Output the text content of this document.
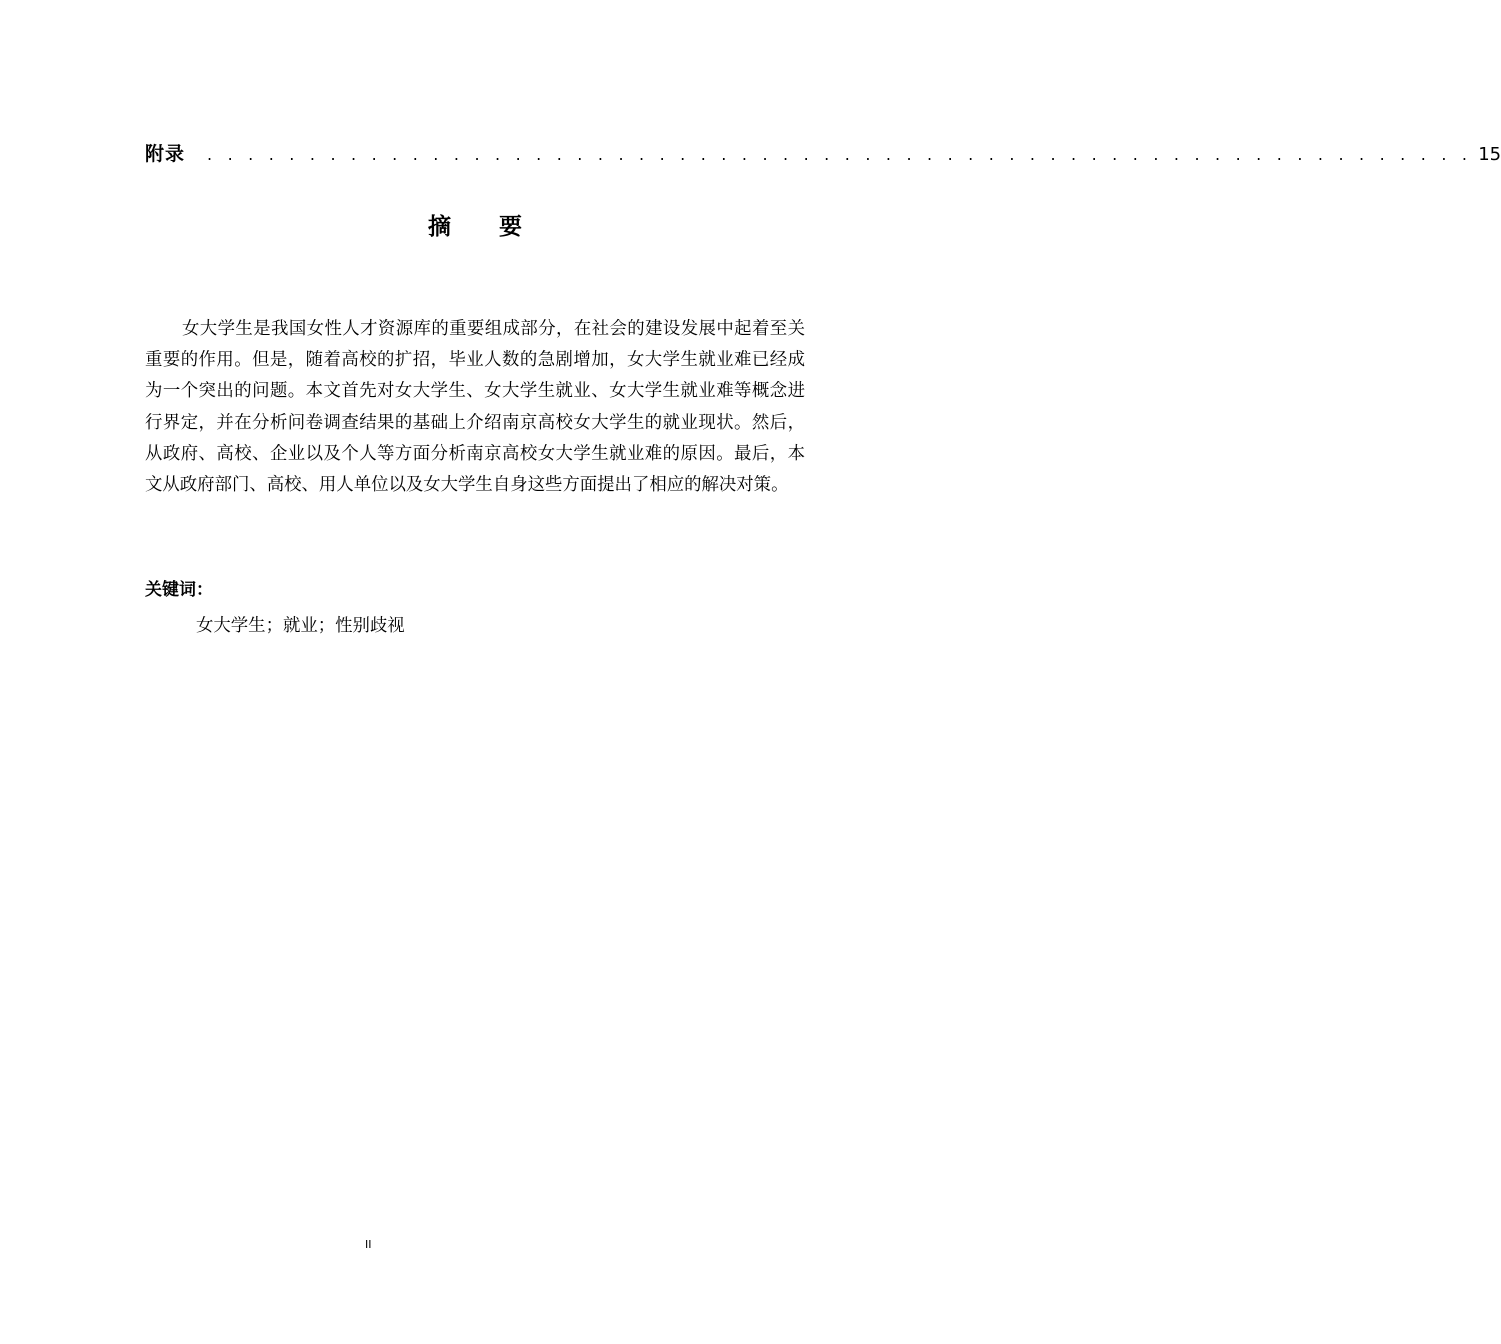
附录 . . . . . . . . . . . . . . . . . . . . . . . . . . . . . . . . . . . . . . . . . . . . . . . . . . . . . . . . . . . . . . 15
摘 要

女大学生是我国女性人才资源库的重要组成部分，在社会的建设发展中起着至关重要的作用。但是，随着高校的扩招，毕业人数的急剧增加，女大学生就业难已经成为一个突出的问题。本文首先对女大学生、女大学生就业、女大学生就业难等概念进行界定，并在分析问卷调查结果的基础上介绍南京高校女大学生的就业现状。然后，从政府、高校、企业以及个人等方面分析南京高校女大学生就业难的原因。最后，本文从政府部门、高校、用人单位以及女大学生自身这些方面提出了相应的解决对策。

关键词：
女大学生；就业；性别歧视
II
